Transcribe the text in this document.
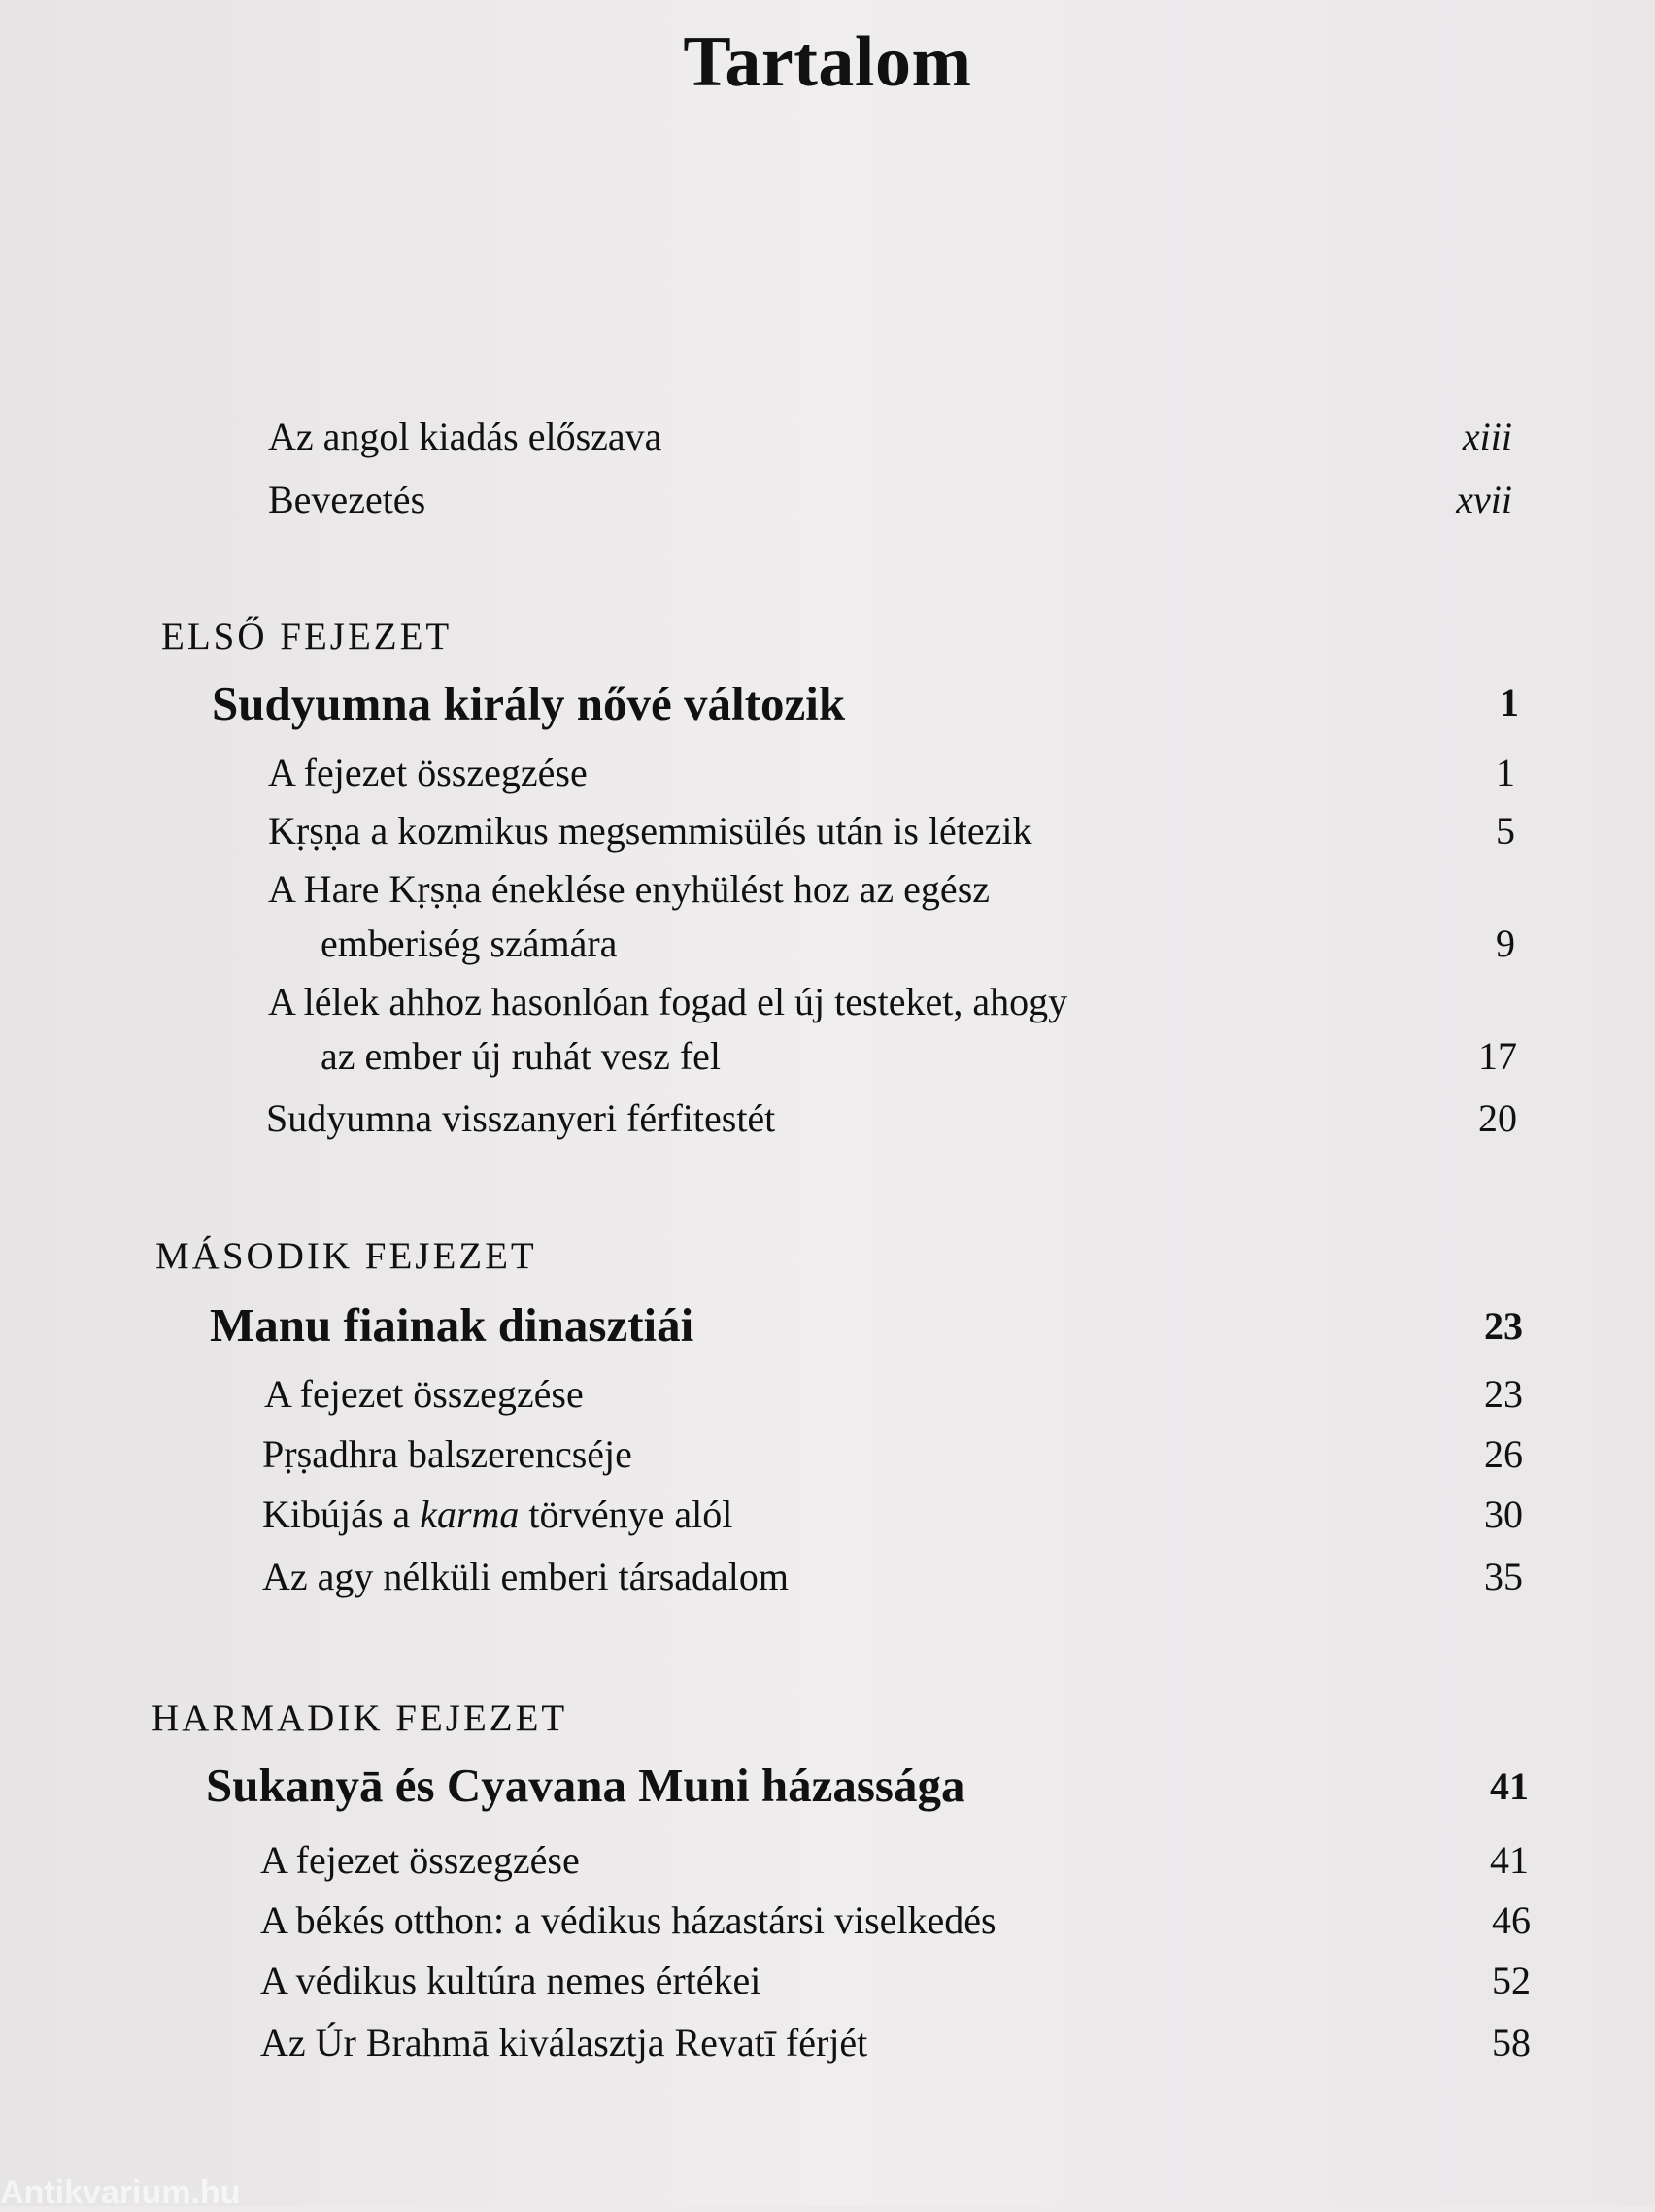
Tartalom
Az angol kiadás előszava	xiii
Bevezetés	xvii
ELSŐ FEJEZET
Sudyumna király nővé változik	1
A fejezet összegzése	1
Kṛṣṇa a kozmikus megsemmisülés után is létezik	5
A Hare Kṛṣṇa éneklése enyhülést hoz az egész
emberiség számára	9
A lélek ahhoz hasonlóan fogad el új testeket, ahogy
az ember új ruhát vesz fel	17
Sudyumna visszanyeri férfitestét	20
MÁSODIK FEJEZET
Manu fiainak dinasztiái	23
A fejezet összegzése	23
Pṛṣadhra balszerencséje	26
Kibújás a karma törvénye alól	30
Az agy nélküli emberi társadalom	35
HARMADIK FEJEZET
Sukanyā és Cyavana Muni házassága	41
A fejezet összegzése	41
A békés otthon: a védikus házastársi viselkedés	46
A védikus kultúra nemes értékei	52
Az Úr Brahmā kiválasztja Revatī férjét	58
Antikvarium.hu
